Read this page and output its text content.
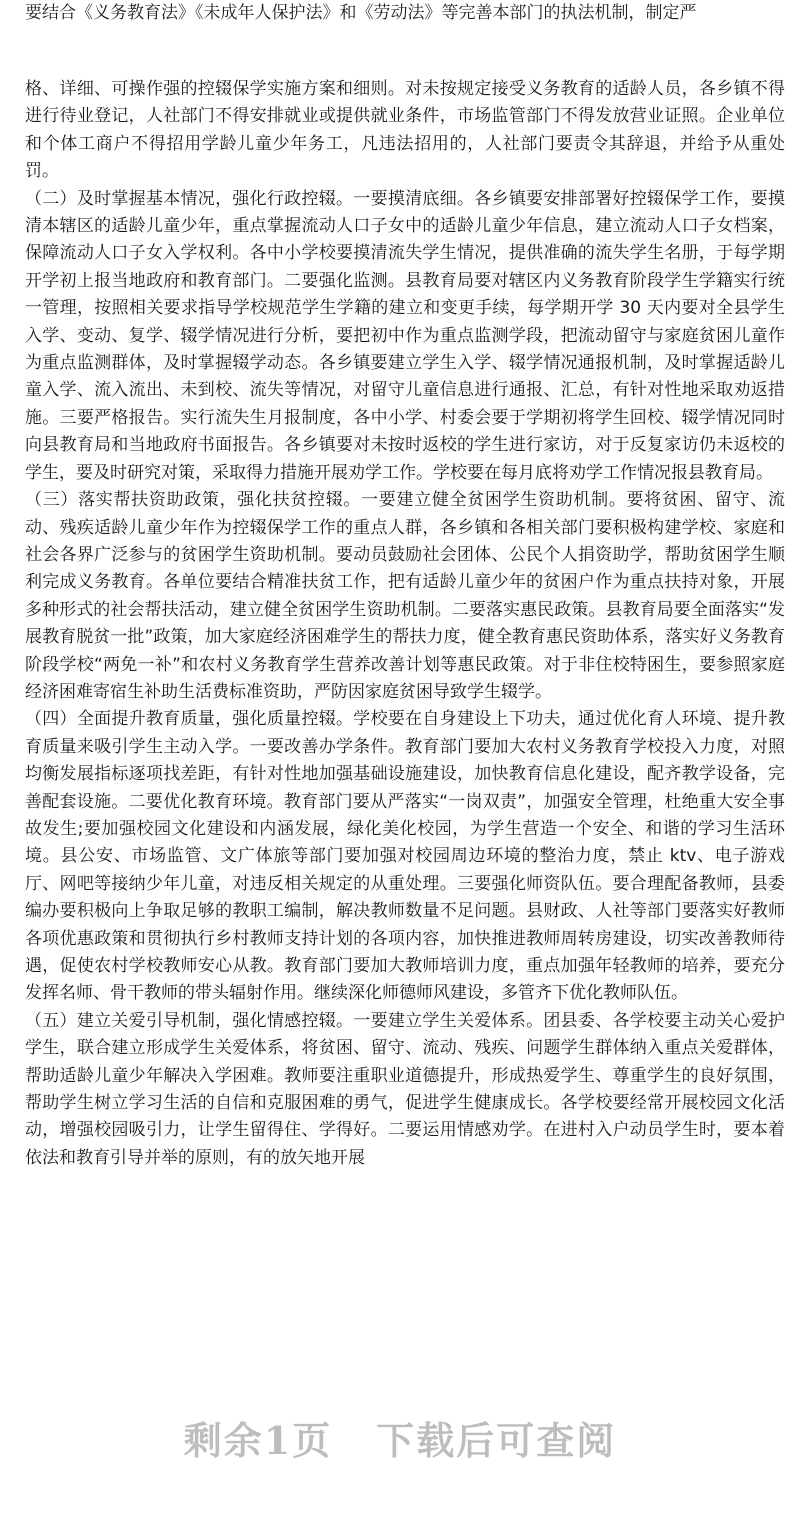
要结合《义务教育法》《未成年人保护法》和《劳动法》等完善本部门的执法机制，制定严

格、详细、可操作强的控辍保学实施方案和细则。对未按规定接受义务教育的适龄人员，各乡镇不得进行待业登记，人社部门不得安排就业或提供就业条件，市场监管部门不得发放营业证照。企业单位和个体工商户不得招用学龄儿童少年务工，凡违法招用的，人社部门要责令其辞退，并给予从重处罚。

（二）及时掌握基本情况，强化行政控辍。一要摸清底细。各乡镇要安排部署好控辍保学工作，要摸清本辖区的适龄儿童少年，重点掌握流动人口子女中的适龄儿童少年信息，建立流动人口子女档案，保障流动人口子女入学权利。各中小学校要摸清流失学生情况，提供准确的流失学生名册，于每学期开学初上报当地政府和教育部门。二要强化监测。县教育局要对辖区内义务教育阶段学生学籍实行统一管理，按照相关要求指导学校规范学生学籍的建立和变更手续，每学期开学 30 天内要对全县学生入学、变动、复学、辍学情况进行分析，要把初中作为重点监测学段，把流动留守与家庭贫困儿童作为重点监测群体，及时掌握辍学动态。各乡镇要建立学生入学、辍学情况通报机制，及时掌握适龄儿童入学、流入流出、未到校、流失等情况，对留守儿童信息进行通报、汇总，有针对性地采取劝返措施。三要严格报告。实行流失生月报制度，各中小学、村委会要于学期初将学生回校、辍学情况同时向县教育局和当地政府书面报告。各乡镇要对未按时返校的学生进行家访，对于反复家访仍未返校的学生，要及时研究对策，采取得力措施开展劝学工作。学校要在每月底将劝学工作情况报县教育局。

（三）落实帮扶资助政策，强化扶贫控辍。一要建立健全贫困学生资助机制。要将贫困、留守、流动、残疾适龄儿童少年作为控辍保学工作的重点人群，各乡镇和各相关部门要积极构建学校、家庭和社会各界广泛参与的贫困学生资助机制。要动员鼓励社会团体、公民个人捐资助学，帮助贫困学生顺利完成义务教育。各单位要结合精准扶贫工作，把有适龄儿童少年的贫困户作为重点扶持对象，开展多种形式的社会帮扶活动，建立健全贫困学生资助机制。二要落实惠民政策。县教育局要全面落实“发展教育脱贫一批”政策，加大家庭经济困难学生的帮扶力度，健全教育惠民资助体系，落实好义务教育阶段学校“两免一补”和农村义务教育学生营养改善计划等惠民政策。对于非住校特困生，要参照家庭经济困难寄宿生补助生活费标准资助，严防因家庭贫困导致学生辍学。

（四）全面提升教育质量，强化质量控辍。学校要在自身建设上下功夫，通过优化育人环境、提升教育质量来吸引学生主动入学。一要改善办学条件。教育部门要加大农村义务教育学校投入力度，对照均衡发展指标逐项找差距，有针对性地加强基础设施建设，加快教育信息化建设，配齐教学设备，完善配套设施。二要优化教育环境。教育部门要从严落实“一岗双责”，加强安全管理，杜绝重大安全事故发生;要加强校园文化建设和内涵发展，绿化美化校园，为学生营造一个安全、和谐的学习生活环境。县公安、市场监管、文广体旅等部门要加强对校园周边环境的整治力度，禁止 ktv、电子游戏厅、网吧等接纳少年儿童，对违反相关规定的从重处理。三要强化师资队伍。要合理配备教师，县委编办要积极向上争取足够的教职工编制，解决教师数量不足问题。县财政、人社等部门要落实好教师各项优惠政策和贯彻执行乡村教师支持计划的各项内容，加快推进教师周转房建设，切实改善教师待遇，促使农村学校教师安心从教。教育部门要加大教师培训力度，重点加强年轻教师的培养，要充分发挥名师、骨干教师的带头辐射作用。继续深化师德师风建设，多管齐下优化教师队伍。

（五）建立关爱引导机制，强化情感控辍。一要建立学生关爱体系。团县委、各学校要主动关心爱护学生，联合建立形成学生关爱体系，将贫困、留守、流动、残疾、问题学生群体纳入重点关爱群体，帮助适龄儿童少年解决入学困难。教师要注重职业道德提升，形成热爱学生、尊重学生的良好氛围，帮助学生树立学习生活的自信和克服困难的勇气，促进学生健康成长。各学校要经常开展校园文化活动，增强校园吸引力，让学生留得住、学得好。二要运用情感劝学。在进村入户动员学生时，要本着依法和教育引导并举的原则，有的放矢地开展

剩余1页 下载后可查阅
